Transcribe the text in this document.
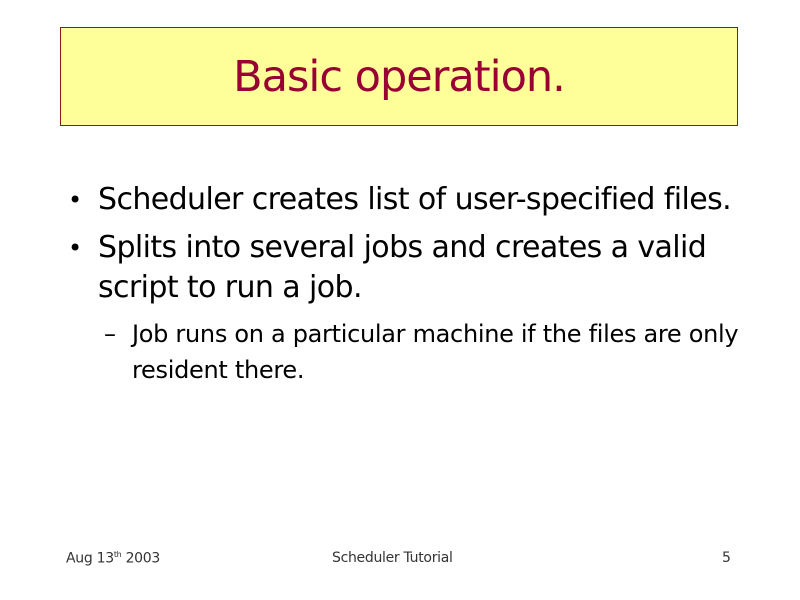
Basic operation.
• Scheduler creates list of user-specified files.
• Splits into several jobs and creates a valid script to run a job.
– Job runs on a particular machine if the files are only resident there.
Aug 13th 2003	Scheduler Tutorial	5
